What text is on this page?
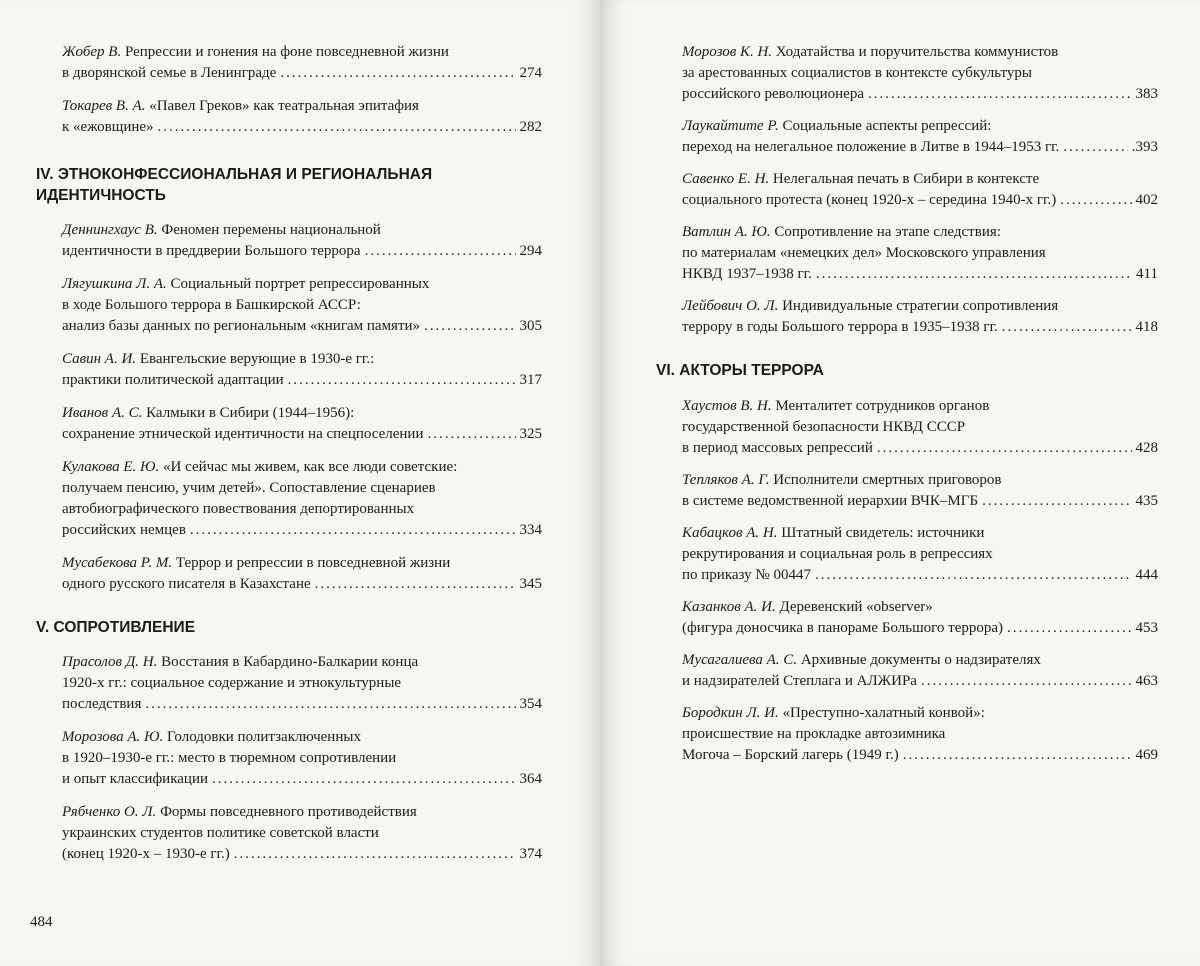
Жобер В. Репрессии и гонения на фоне повседневной жизни
в дворянской семье в Ленинграде .....	274
Токарев В. А. «Павел Греков» как театральная эпитафия
к «ежовщине» .....	282
IV. ЭТНОКОНФЕССИОНАЛЬНАЯ И РЕГИОНАЛЬНАЯ ИДЕНТИЧНОСТЬ
Деннингхаус В. Феномен перемены национальной
идентичности в преддверии Большого террора .....	294
Лягушкина Л. А. Социальный портрет репрессированных
в ходе Большого террора в Башкирской АССР:
анализ базы данных по региональным «книгам памяти» .....	305
Савин А. И. Евангельские верующие в 1930-е гг.:
практики политической адаптации .....	317
Иванов А. С. Калмыки в Сибири (1944–1956):
сохранение этнической идентичности на спецпоселении .....	325
Кулакова Е. Ю. «И сейчас мы живем, как все люди советские:
получаем пенсию, учим детей». Сопоставление сценариев
автобиографического повествования депортированных
российских немцев .....	334
Мусабекова Р. М. Террор и репрессии в повседневной жизни
одного русского писателя в Казахстане .....	345
V. СОПРОТИВЛЕНИЕ
Прасолов Д. Н. Восстания в Кабардино-Балкарии конца
1920-х гг.: социальное содержание и этнокультурные
последствия .....	354
Морозова А. Ю. Голодовки политзаключенных
в 1920–1930-е гг.: место в тюремном сопротивлении
и опыт классификации .....	364
Рябченко О. Л. Формы повседневного противодействия
украинских студентов политике советской власти
(конец 1920-х – 1930-е гг.) .....	374
484
Морозов К. Н. Ходатайства и поручительства коммунистов
за арестованных социалистов в контексте субкультуры
российского революционера .....	383
Лаукайтите Р. Социальные аспекты репрессий:
переход на нелегальное положение в Литве в 1944–1953 гг. .....	.393
Савенко Е. Н. Нелегальная печать в Сибири в контексте
социального протеста (конец 1920-х – середина 1940-х гг.) .....	402
Ватлин А. Ю. Сопротивление на этапе следствия:
по материалам «немецких дел» Московского управления
НКВД 1937–1938 гг. .....	411
Лейбович О. Л. Индивидуальные стратегии сопротивления
террору в годы Большого террора в 1935–1938 гг. .....	418
VI. АКТОРЫ ТЕРРОРА
Хаустов В. Н. Менталитет сотрудников органов
государственной безопасности НКВД СССР
в период массовых репрессий .....	428
Тепляков А. Г. Исполнители смертных приговоров
в системе ведомственной иерархии ВЧК–МГБ .....	435
Кабацков А. Н. Штатный свидетель: источники
рекрутирования и социальная роль в репрессиях
по приказу № 00447 .....	444
Казанков А. И. Деревенский «observer»
(фигура доносчика в панораме Большого террора) .....	453
Мусагалиева А. С. Архивные документы о надзирателях
и надзирателей Степлага и АЛЖИРа .....	463
Бородкин Л. И. «Преступно-халатный конвой»:
происшествие на прокладке автозимника
Могоча – Борский лагерь (1949 г.) .....	469
